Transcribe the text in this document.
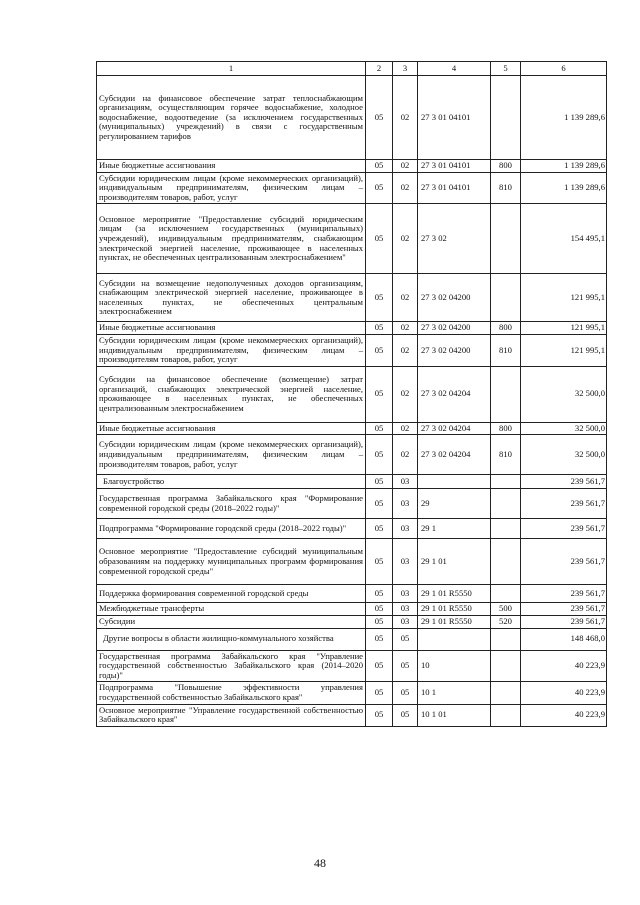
1	2	3	4	5	6
Субсидии на финансовое обеспечение затрат теплоснабжающим организациям, осуществляющим горячее водоснабжение, холодное водоснабжение, водоотведение (за исключением государственных (муниципальных) учреждений) в связи с государственным регулированием тарифов	05	02	27 3 01 04101		1 139 289,6
Иные бюджетные ассигнования	05	02	27 3 01 04101	800	1 139 289,6
Субсидии юридическим лицам (кроме некоммерческих организаций), индивидуальным предпринимателям, физическим лицам – производителям товаров, работ, услуг	05	02	27 3 01 04101	810	1 139 289,6
Основное мероприятие "Предоставление субсидий юридическим лицам (за исключением государственных (муниципальных) учреждений), индивидуальным предпринимателям, снабжающим электрической энергией население, проживающее в населенных пунктах, не обеспеченных централизованным электроснабжением"	05	02	27 3 02		154 495,1
Субсидии на возмещение недополученных доходов организациям, снабжающим электрической энергией население, проживающее в населенных пунктах, не обеспеченных центральным электроснабжением	05	02	27 3 02 04200		121 995,1
Иные бюджетные ассигнования	05	02	27 3 02 04200	800	121 995,1
Субсидии юридическим лицам (кроме некоммерческих организаций), индивидуальным предпринимателям, физическим лицам – производителям товаров, работ, услуг	05	02	27 3 02 04200	810	121 995,1
Субсидии на финансовое обеспечение (возмещение) затрат организаций, снабжающих электрической энергией население, проживающее в населенных пунктах, не обеспеченных централизованным электроснабжением	05	02	27 3 02 04204		32 500,0
Иные бюджетные ассигнования	05	02	27 3 02 04204	800	32 500,0
Субсидии юридическим лицам (кроме некоммерческих организаций), индивидуальным предпринимателям, физическим лицам – производителям товаров, работ, услуг	05	02	27 3 02 04204	810	32 500,0
Благоустройство	05	03			239 561,7
Государственная программа Забайкальского края "Формирование современной городской среды (2018–2022 годы)"	05	03	29		239 561,7
Подпрограмма "Формирование городской среды (2018–2022 годы)"	05	03	29 1		239 561,7
Основное мероприятие "Предоставление субсидий муниципальным образованиям на поддержку муниципальных программ формирования современной городской среды"	05	03	29 1 01		239 561,7
Поддержка формирования современной городской среды	05	03	29 1 01 R5550		239 561,7
Межбюджетные трансферты	05	03	29 1 01 R5550	500	239 561,7
Субсидии	05	03	29 1 01 R5550	520	239 561,7
Другие вопросы в области жилищно-коммунального хозяйства	05	05			148 468,0
Государственная программа Забайкальского края "Управление государственной собственностью Забайкальского края (2014–2020 годы)"	05	05	10		40 223,9
Подпрограмма "Повышение эффективности управления государственной собственностью Забайкальского края"	05	05	10 1		40 223,9
Основное мероприятие "Управление государственной собственностью Забайкальского края"	05	05	10 1 01		40 223,9
48
